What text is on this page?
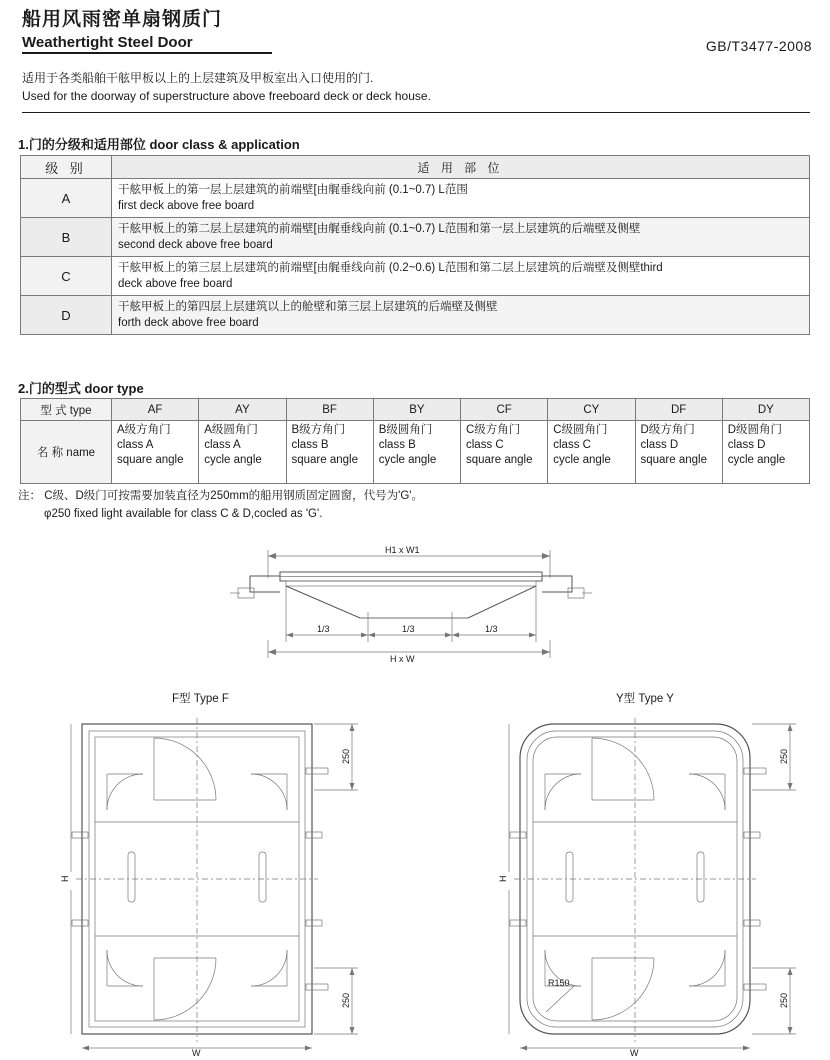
船用风雨密单扇钢质门
Weathertight Steel Door	GB/T3477-2008
适用于各类船舶干舷甲板以上的上层建筑及甲板室出入口使用的门.
Used for the doorway of superstructure above freeboard deck or deck house.
1.门的分级和适用部位 door class & application
级 别	适 用 部 位
A	干舷甲板上的第一层上层建筑的前端壁[由艉垂线向前 (0.1~0.7) L范围
first deck above free board

B	干舷甲板上的第二层上层建筑的前端壁[由艉垂线向前 (0.1~0.7) L范围和第一层上层建筑的后端壁及侧壁
second deck above free board

C	干舷甲板上的第三层上层建筑的前端壁[由艉垂线向前 (0.2~0.6) L范围和第二层上层建筑的后端壁及侧壁third
deck above free board

D	干舷甲板上的第四层上层建筑以上的舱壁和第三层上层建筑的后端壁及侧壁
forth deck above free board
2.门的型式 door type
型 式 type	AF	AY	BF	BY	CF	CY	DF	DY
名 称 name	A级方角门
class A
square angle	A级圆角门
class A
cycle angle	B级方角门
class B
square angle	B级圆角门
class B
cycle angle	C级方角门
class C
square angle	C级圆角门
class C
cycle angle	D级方角门
class D
square angle	D级圆角门
class D
cycle angle
注： C级、D级门可按需要加装直径为250mm的船用钢质固定圆窗，代号为'G'。
φ250 fixed light available for class C & D,cocled as 'G'.
H1 x W1
1/3	1/3	1/3
H x W
F型 Type F
250
250
H
W
Y型 Type Y
R150
250
250
H
W
